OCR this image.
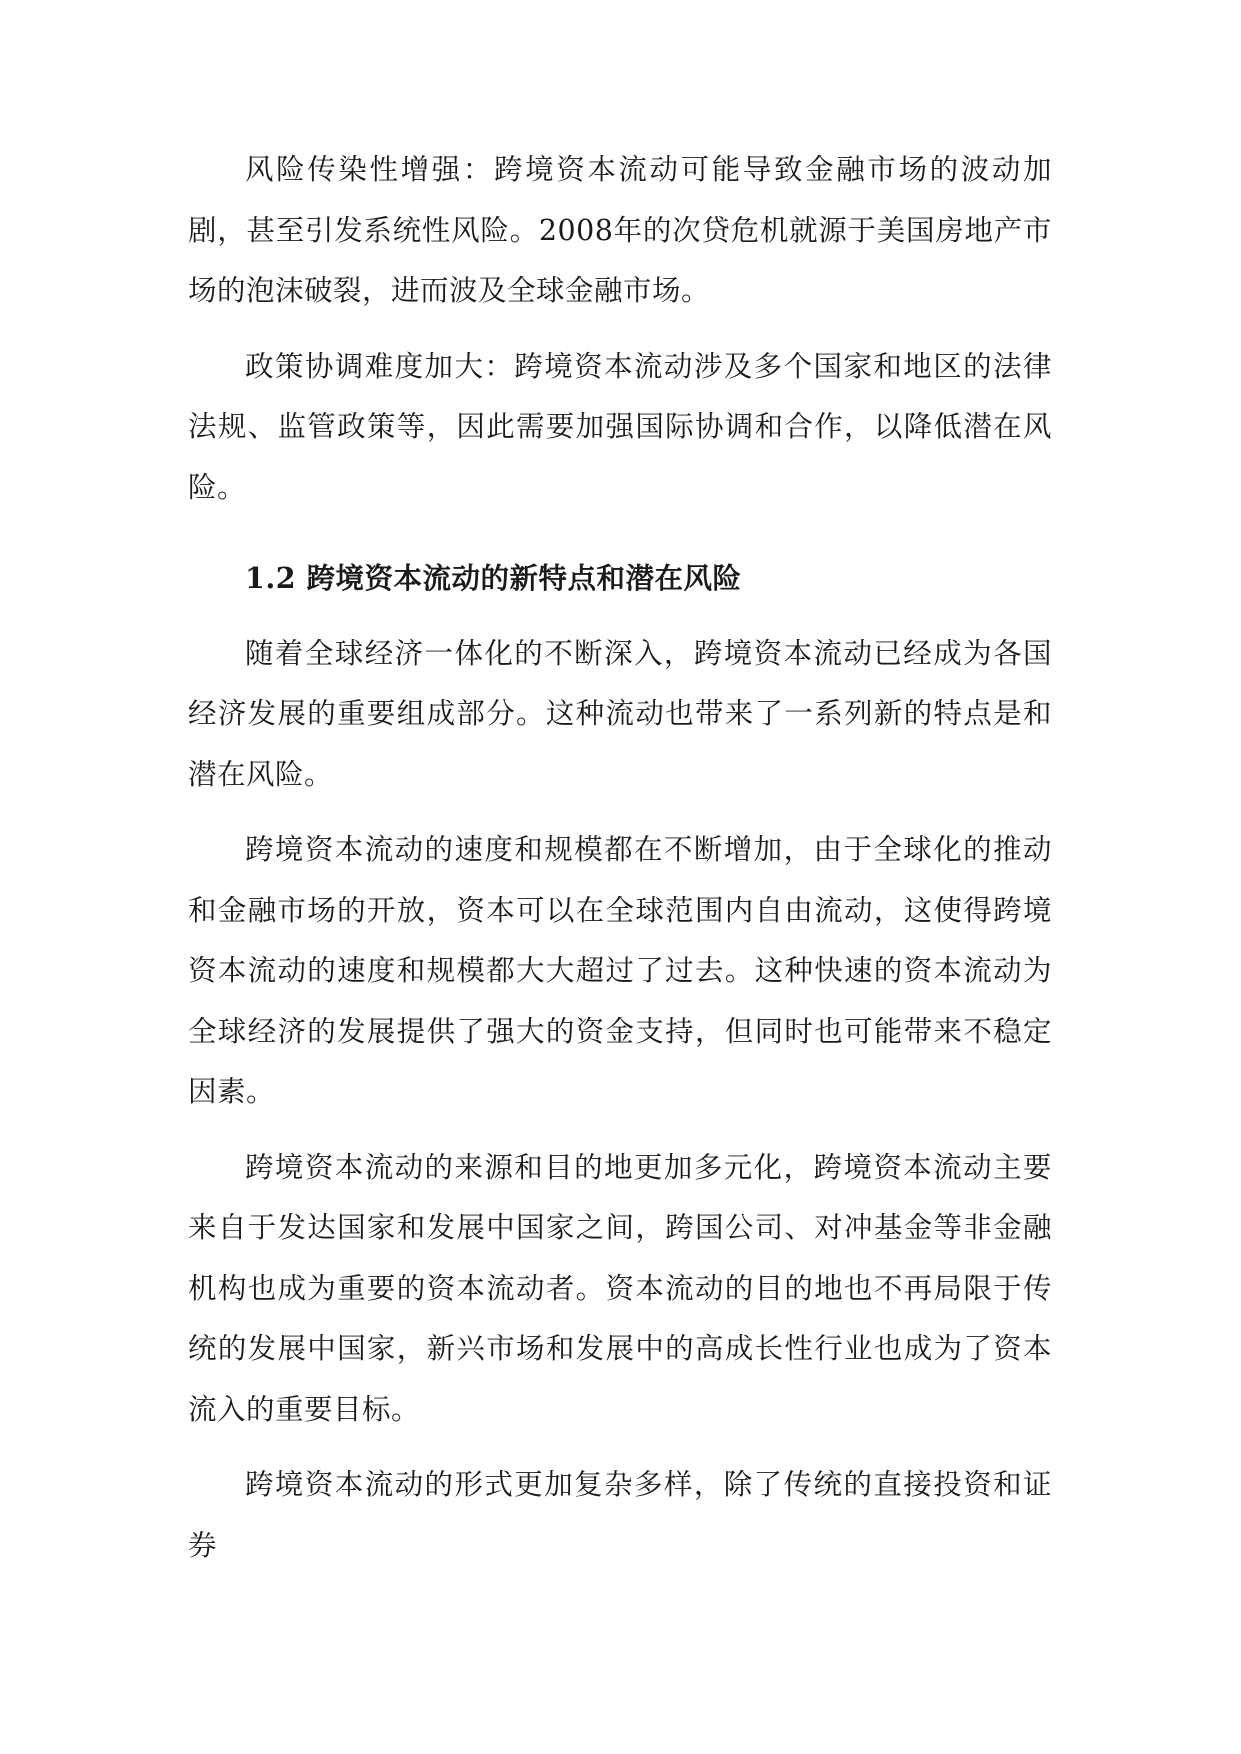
风险传染性增强：跨境资本流动可能导致金融市场的波动加剧，甚至引发系统性风险。2008年的次贷危机就源于美国房地产市场的泡沫破裂，进而波及全球金融市场。

政策协调难度加大：跨境资本流动涉及多个国家和地区的法律法规、监管政策等，因此需要加强国际协调和合作，以降低潜在风险。

1.2 跨境资本流动的新特点和潜在风险

随着全球经济一体化的不断深入，跨境资本流动已经成为各国经济发展的重要组成部分。这种流动也带来了一系列新的特点是和潜在风险。

跨境资本流动的速度和规模都在不断增加，由于全球化的推动和金融市场的开放，资本可以在全球范围内自由流动，这使得跨境资本流动的速度和规模都大大超过了过去。这种快速的资本流动为全球经济的发展提供了强大的资金支持，但同时也可能带来不稳定因素。

跨境资本流动的来源和目的地更加多元化，跨境资本流动主要来自于发达国家和发展中国家之间，跨国公司、对冲基金等非金融机构也成为重要的资本流动者。资本流动的目的地也不再局限于传统的发展中国家，新兴市场和发展中的高成长性行业也成为了资本流入的重要目标。

跨境资本流动的形式更加复杂多样，除了传统的直接投资和证券
